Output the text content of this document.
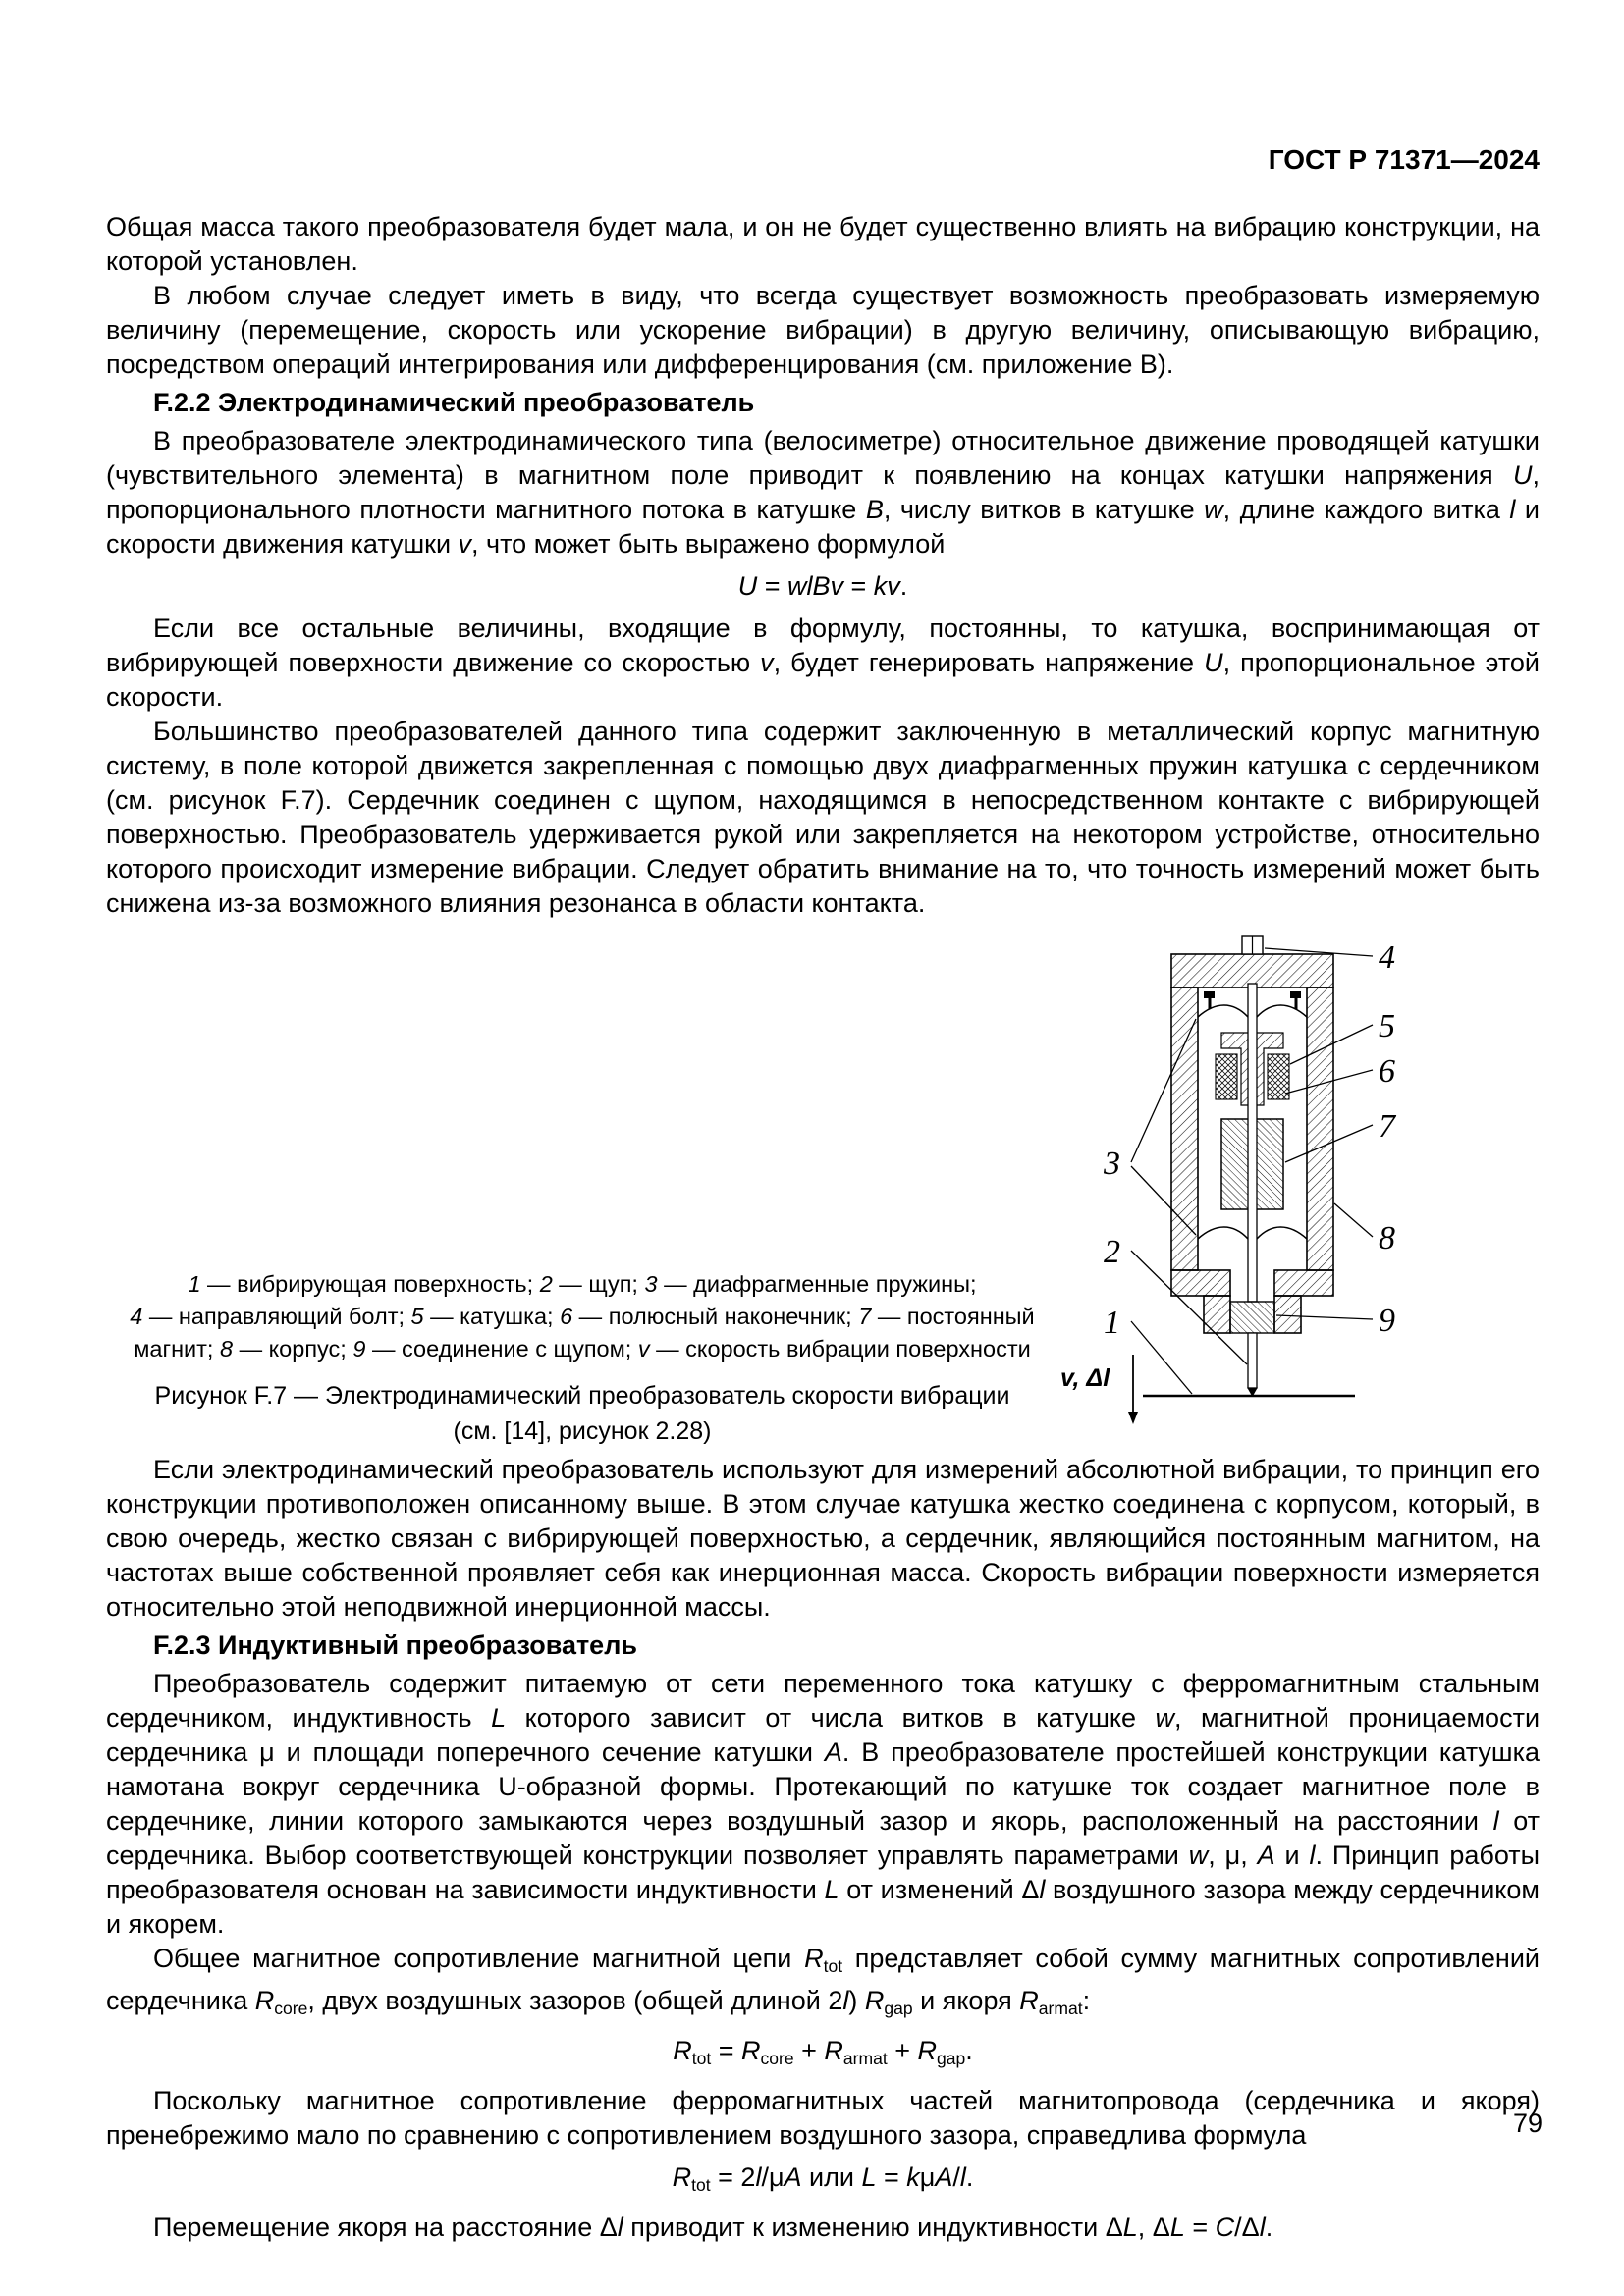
ГОСТ Р 71371—2024

Общая масса такого преобразователя будет мала, и он не будет существенно влиять на вибрацию конструкции, на которой установлен.

В любом случае следует иметь в виду, что всегда существует возможность преобразовать измеряемую величину (перемещение, скорость или ускорение вибрации) в другую величину, описывающую вибрацию, посредством операций интегрирования или дифференцирования (см. приложение В).

F.2.2 Электродинамический преобразователь

В преобразователе электродинамического типа (велосиметре) относительное движение проводящей катушки (чувствительного элемента) в магнитном поле приводит к появлению на концах катушки напряжения U, пропорционального плотности магнитного потока в катушке B, числу витков в катушке w, длине каждого витка l и скорости движения катушки v, что может быть выражено формулой

U = wlBv = kv.

Если все остальные величины, входящие в формулу, постоянны, то катушка, воспринимающая от вибрирующей поверхности движение со скоростью v, будет генерировать напряжение U, пропорциональное этой скорости.

Большинство преобразователей данного типа содержит заключенную в металлический корпус магнитную систему, в поле которой движется закрепленная с помощью двух диафрагменных пружин катушка с сердечником (см. рисунок F.7). Сердечник соединен с щупом, находящимся в непосредственном контакте с вибрирующей поверхностью. Преобразователь удерживается рукой или закрепляется на некотором устройстве, относительно которого происходит измерение вибрации. Следует обратить внимание на то, что точность измерений может быть снижена из-за возможного влияния резонанса в области контакта.

v, Δl
4
5
6
7
8
9
3
2
1
1 — вибрирующая поверхность; 2 — щуп; 3 — диафрагменные пружины;
4 — направляющий болт; 5 — катушка; 6 — полюсный наконечник; 7 — постоянный
магнит; 8 — корпус; 9 — соединение с щупом; v — скорость вибрации поверхности
Рисунок F.7 — Электродинамический преобразователь скорости вибрации
(см. [14], рисунок 2.28)

Если электродинамический преобразователь используют для измерений абсолютной вибрации, то принцип его конструкции противоположен описанному выше. В этом случае катушка жестко соединена с корпусом, который, в свою очередь, жестко связан с вибрирующей поверхностью, а сердечник, являющийся постоянным магнитом, на частотах выше собственной проявляет себя как инерционная масса. Скорость вибрации поверхности измеряется относительно этой неподвижной инерционной массы.

F.2.3 Индуктивный преобразователь

Преобразователь содержит питаемую от сети переменного тока катушку с ферромагнитным стальным сердечником, индуктивность L которого зависит от числа витков в катушке w, магнитной проницаемости сердечника μ и площади поперечного сечение катушки A. В преобразователе простейшей конструкции катушка намотана вокруг сердечника U-образной формы. Протекающий по катушке ток создает магнитное поле в сердечнике, линии которого замыкаются через воздушный зазор и якорь, расположенный на расстоянии l от сердечника. Выбор соответствующей конструкции позволяет управлять параметрами w, μ, A и l. Принцип работы преобразователя основан на зависимости индуктивности L от изменений Δl воздушного зазора между сердечником и якорем.

Общее магнитное сопротивление магнитной цепи Rtot представляет собой сумму магнитных сопротивлений сердечника Rcore, двух воздушных зазоров (общей длиной 2l) Rgap и якоря Rarmat:

Rtot = Rcore + Rarmat + Rgap.

Поскольку магнитное сопротивление ферромагнитных частей магнитопровода (сердечника и якоря) пренебрежимо мало по сравнению с сопротивлением воздушного зазора, справедлива формула

Rtot = 2l/μA или L = kμA/l.

Перемещение якоря на расстояние Δl приводит к изменению индуктивности ΔL, ΔL = C/Δl.

79
